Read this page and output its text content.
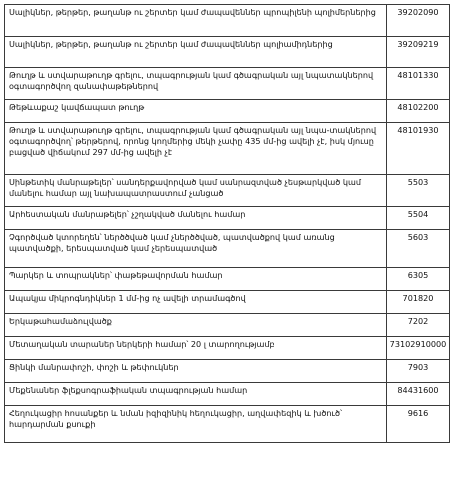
Սալիկներ, թերթեր, թաղանթ ու շերտեր կամ ժապավեններ պրոպիլենի պոլիմերներից	39202090
Սալիկներ, թերթեր, թաղանթ ու շերտեր կամ ժապավեններ պոլիամիդներից	39209219
Թուղթ և ստվարաթուղթ գրելու, տպագրության կամ գծագրական այլ նպատակներով օգտագործվող զանափաթեթներով	48101330
Թեթևաքաշ կավճապատ թուղթ	48102200
Թուղթ և ստվարաթուղթ գրելու, տպագրության կամ գծագրական այլ նպա-տակներով օգտագործվող՝ թերթերով, որոնց կողմերից մեկի չափը 435 մմ-ից ավելի չէ, իսկ մյուսը բացված վիճակում 297 մմ-ից ավելի չէ	48101930
Սինթետիկ մանրաթելեր՝ սանդերքավորված կամ սանրազտված չեսթարկված կամ մանելու համար այլ նախապատրաստում չանցած	5503
Արհեստական մանրաթելեր՝ չշղակված մանելու համար	5504
Չգործված կտորեղեն՝ ներծծված կամ չներծծված, պատվածքով կամ առանց պատվածքի, երեսպատված կամ չերեսպատված	5603
Պարկեր և տոպրակներ՝ փաթեթավորման համար	6305
Ապակյա միկրոգնդիկներ 1 մմ-ից ոչ ավելի տրամագծով	701820
Երկաթահամաձուլվածք	7202
Մետաղական տարաներ ներկերի համար՝ 20 լ տարողությամբ	73102910000
Ցինկի մանրափոշի, փոշի և թեփուկներ	7903
Մեքենաներ ֆլեքսոգրաֆիական տպագրության համար	84431600
Հեղուկացիր հոսանքեր և նման իզիզինիկ հեղուկացիր, աղվափեզիկ և խծուծ՝ հարդարման քսուքի	9616
